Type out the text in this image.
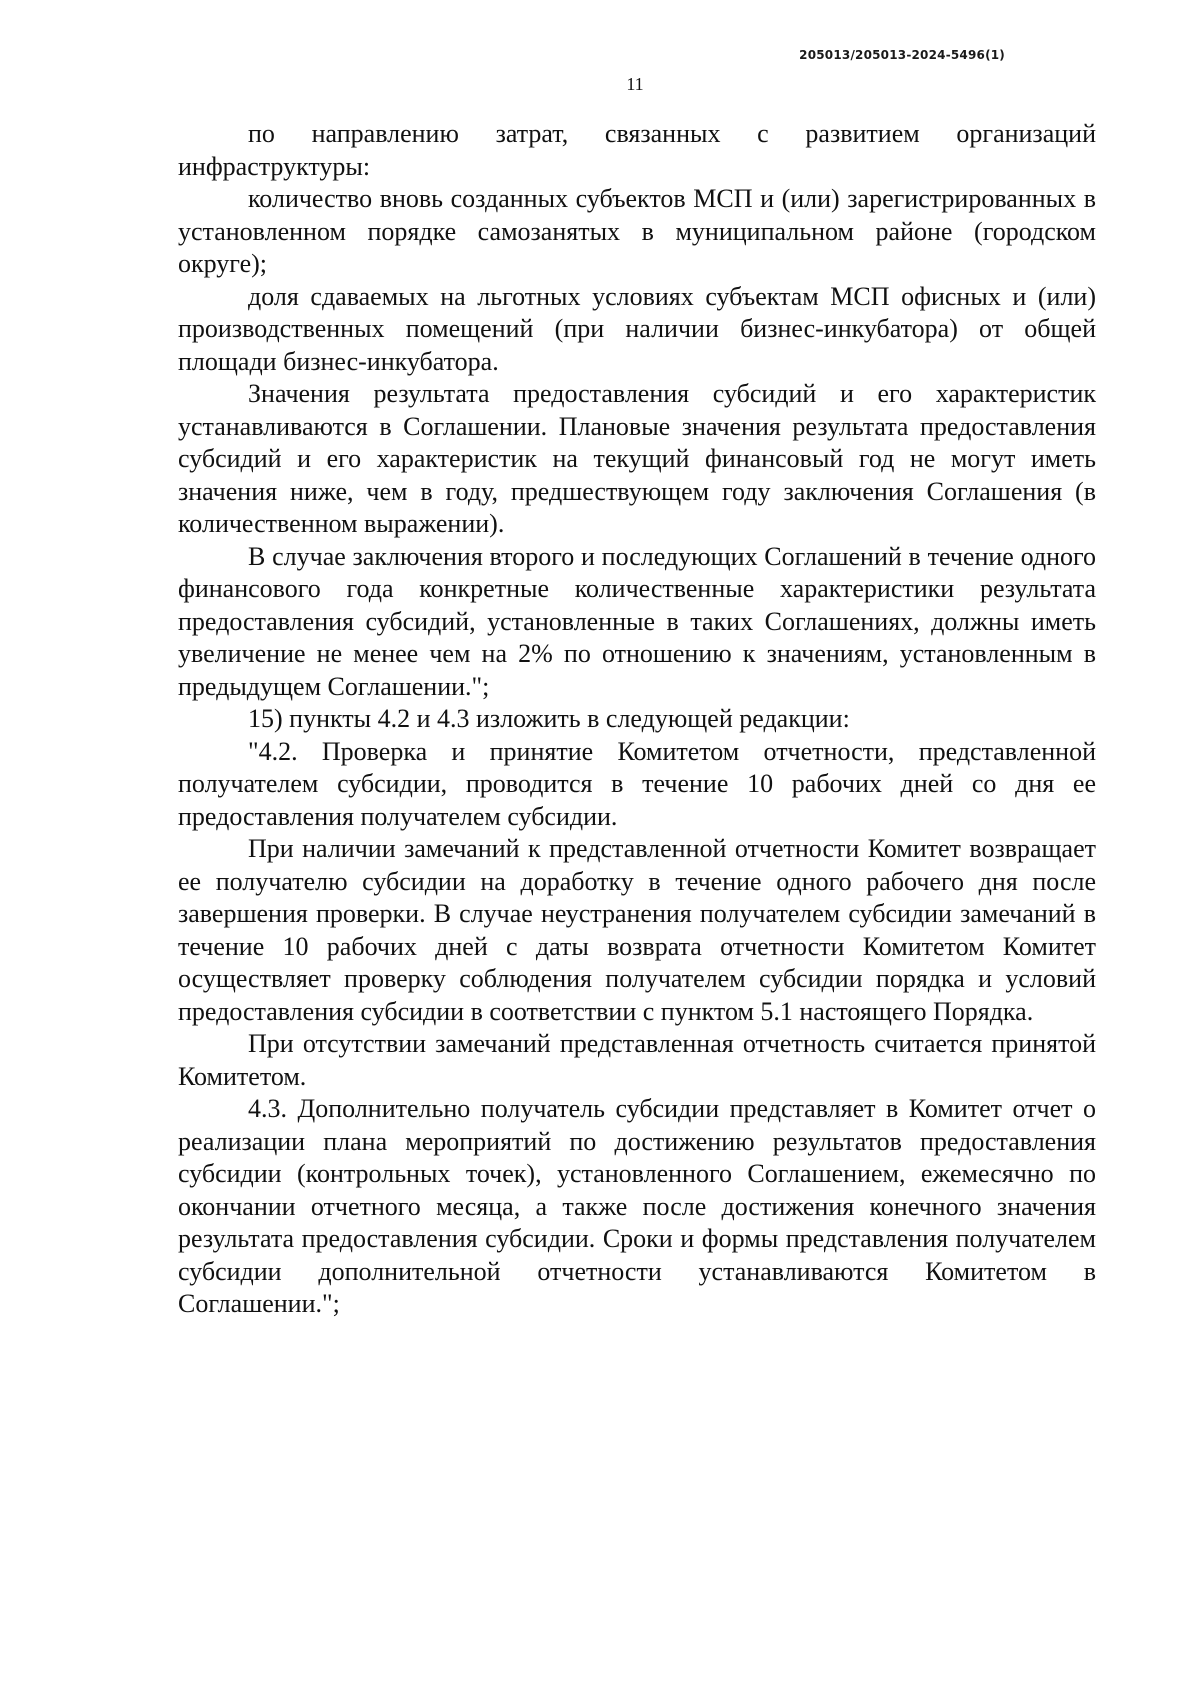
205013/205013-2024-5496(1)
11

по направлению затрат, связанных с развитием организаций инфраструктуры:

количество вновь созданных субъектов МСП и (или) зарегистрированных в установленном порядке самозанятых в муниципальном районе (городском округе);

доля сдаваемых на льготных условиях субъектам МСП офисных и (или) производственных помещений (при наличии бизнес-инкубатора) от общей площади бизнес-инкубатора.

Значения результата предоставления субсидий и его характеристик устанавливаются в Соглашении. Плановые значения результата предоставления субсидий и его характеристик на текущий финансовый год не могут иметь значения ниже, чем в году, предшествующем году заключения Соглашения (в количественном выражении).

В случае заключения второго и последующих Соглашений в течение одного финансового года конкретные количественные характеристики результата предоставления субсидий, установленные в таких Соглашениях, должны иметь увеличение не менее чем на 2% по отношению к значениям, установленным в предыдущем Соглашении.";

15) пункты 4.2 и 4.3 изложить в следующей редакции:

"4.2. Проверка и принятие Комитетом отчетности, представленной получателем субсидии, проводится в течение 10 рабочих дней со дня ее предоставления получателем субсидии.

При наличии замечаний к представленной отчетности Комитет возвращает ее получателю субсидии на доработку в течение одного рабочего дня после завершения проверки. В случае неустранения получателем субсидии замечаний в течение 10 рабочих дней с даты возврата отчетности Комитетом Комитет осуществляет проверку соблюдения получателем субсидии порядка и условий предоставления субсидии в соответствии с пунктом 5.1 настоящего Порядка.

При отсутствии замечаний представленная отчетность считается принятой Комитетом.

4.3. Дополнительно получатель субсидии представляет в Комитет отчет о реализации плана мероприятий по достижению результатов предоставления субсидии (контрольных точек), установленного Соглашением, ежемесячно по окончании отчетного месяца, а также после достижения конечного значения результата предоставления субсидии. Сроки и формы представления получателем субсидии дополнительной отчетности устанавливаются Комитетом в Соглашении.";
